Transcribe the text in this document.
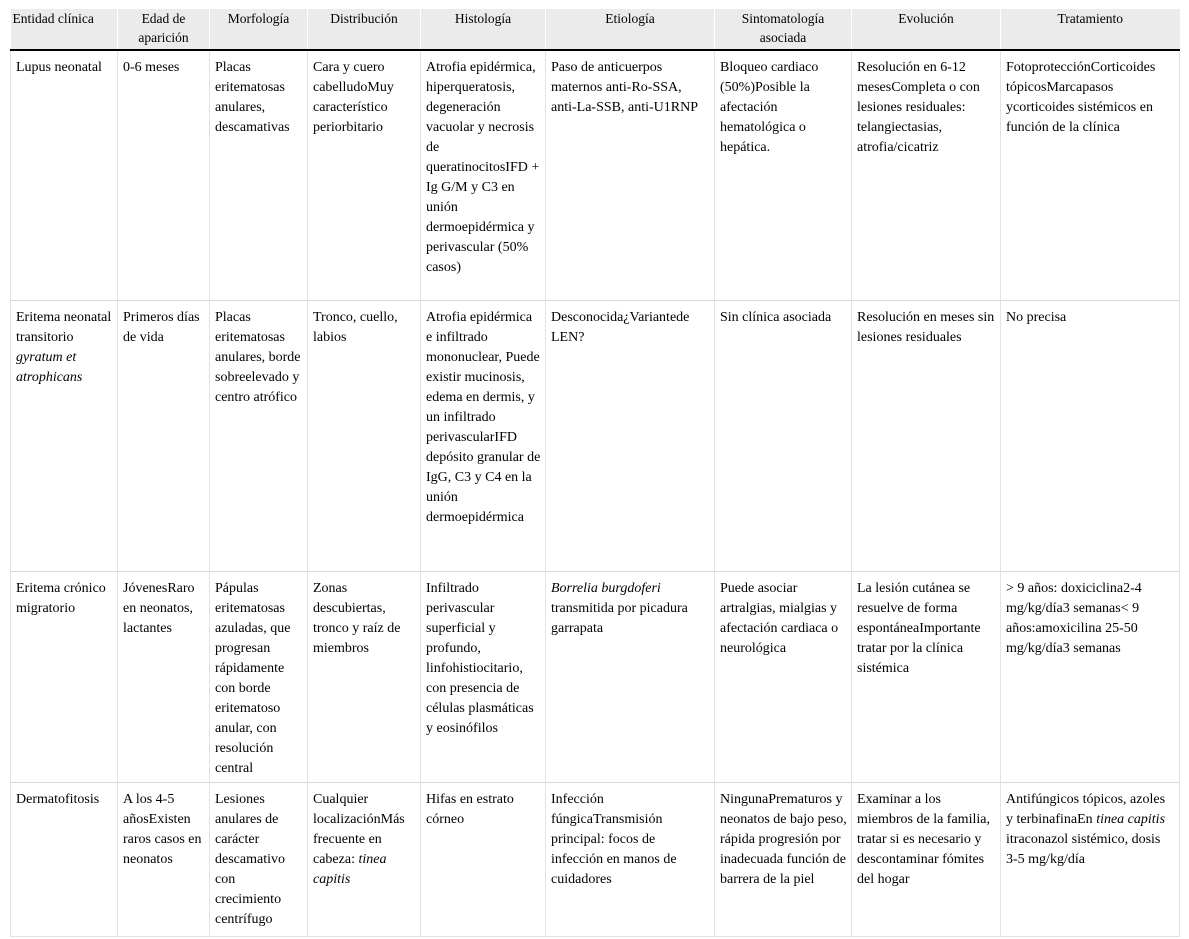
Entidad clínica	Edad de aparición	Morfología	Distribución	Histología	Etiología	Sintomatología asociada	Evolución	Tratamiento
Lupus neonatal	0-6 meses	Placas eritematosas anulares, descamativas	Cara y cuero cabelludoMuy característico periorbitario	Atrofia epidérmica, hiperqueratosis, degeneración vacuolar y necrosis de queratinocitosIFD + Ig G/M y C3 en unión dermoepidérmica y perivascular (50% casos)	Paso de anticuerpos maternos anti-Ro-SSA, anti-La-SSB, anti-U1RNP	Bloqueo cardiaco (50%)Posible la afectación hematológica o hepática.	Resolución en 6-12 mesesCompleta o con lesiones residuales: telangiectasias, atrofia/cicatriz	FotoprotecciónCorticoides tópicosMarcapasos ycorticoides sistémicos en función de la clínica
Eritema neonatal transitorio gyratum et atrophicans	Primeros días de vida	Placas eritematosas anulares, borde sobreelevado y centro atrófico	Tronco, cuello, labios	Atrofia epidérmica e infiltrado mononuclear, Puede existir mucinosis, edema en dermis, y un infiltrado perivascularIFD depósito granular de IgG, C3 y C4 en la unión dermoepidérmica	Desconocida¿Variantede LEN?	Sin clínica asociada	Resolución en meses sin lesiones residuales	No precisa
Eritema crónico migratorio	JóvenesRaro en neonatos, lactantes	Pápulas eritematosas azuladas, que progresan rápidamente con borde eritematoso anular, con resolución central	Zonas descubiertas, tronco y raíz de miembros	Infiltrado perivascular superficial y profundo, linfohistiocitario, con presencia de células plasmáticas y eosinófilos	Borrelia burgdoferi transmitida por picadura garrapata	Puede asociar artralgias, mialgias y afectación cardiaca o neurológica	La lesión cutánea se resuelve de forma espontáneaImportante tratar por la clínica sistémica	> 9 años: doxiciclina2-4 mg/kg/día3 semanas< 9 años:amoxicilina 25-50 mg/kg/día3 semanas
Dermatofitosis	A los 4-5 añosExisten raros casos en neonatos	Lesiones anulares de carácter descamativo con crecimiento centrífugo	Cualquier localizaciónMás frecuente en cabeza: tinea capitis	Hifas en estrato córneo	Infección fúngicaTransmisión principal: focos de infección en manos de cuidadores	NingunaPrematuros y neonatos de bajo peso, rápida progresión por inadecuada función de barrera de la piel	Examinar a los miembros de la familia, tratar si es necesario y descontaminar fómites del hogar	Antifúngicos tópicos, azoles y terbinafinaEn tinea capitis itraconazol sistémico, dosis 3-5 mg/kg/día
